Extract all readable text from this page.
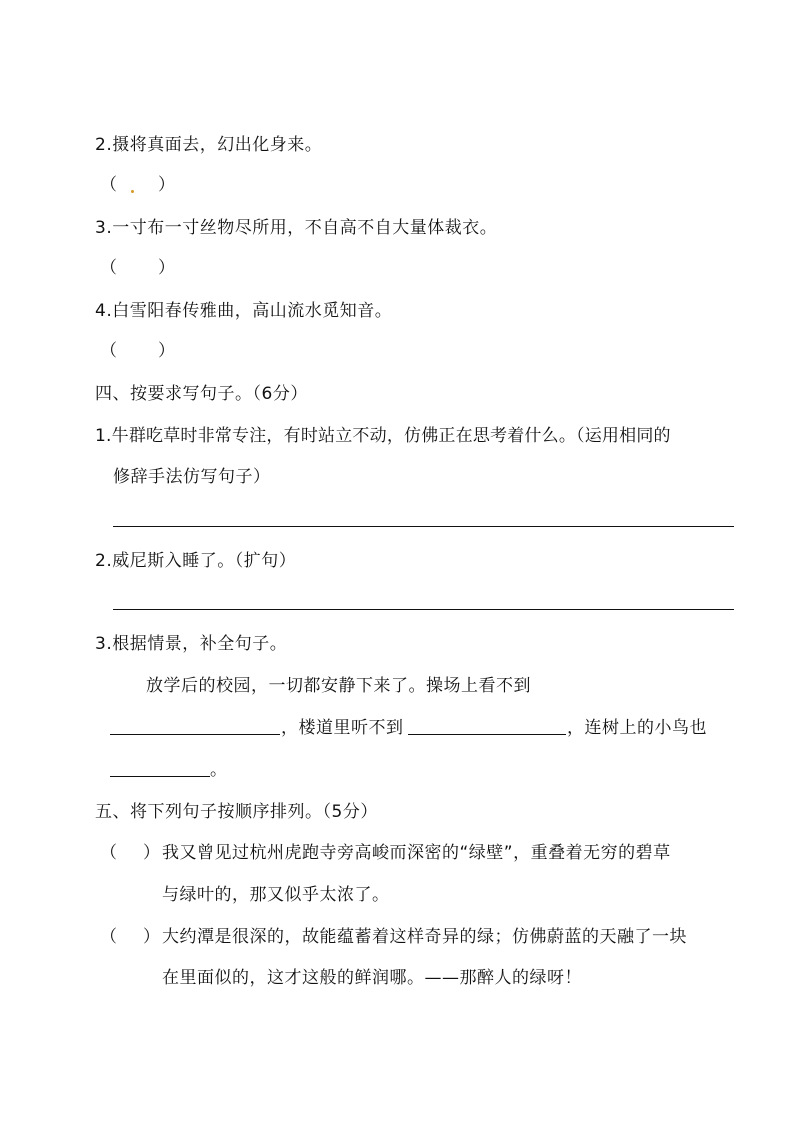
2.摄将真面去，幻出化身来。
（ ）
3.一寸布一寸丝物尽所用，不自高不自大量体裁衣。
（ ）
4.白雪阳春传雅曲，高山流水觅知音。
（ ）
四、按要求写句子。（6分）
1.牛群吃草时非常专注，有时站立不动，仿佛正在思考着什么。（运用相同的
修辞手法仿写句子）
2.威尼斯入睡了。（扩句）
3.根据情景，补全句子。
放学后的校园，一切都安静下来了。操场上看不到
，楼道里听不到	，连树上的小鸟也
。
五、将下列句子按顺序排列。（5分）
（ ） 我又曾见过杭州虎跑寺旁高峻而深密的“绿壁”，重叠着无穷的碧草
与绿叶的，那又似乎太浓了。
（ ） 大约潭是很深的，故能蕴蓄着这样奇异的绿；仿佛蔚蓝的天融了一块
在里面似的，这才这般的鲜润哪。——那醉人的绿呀！
